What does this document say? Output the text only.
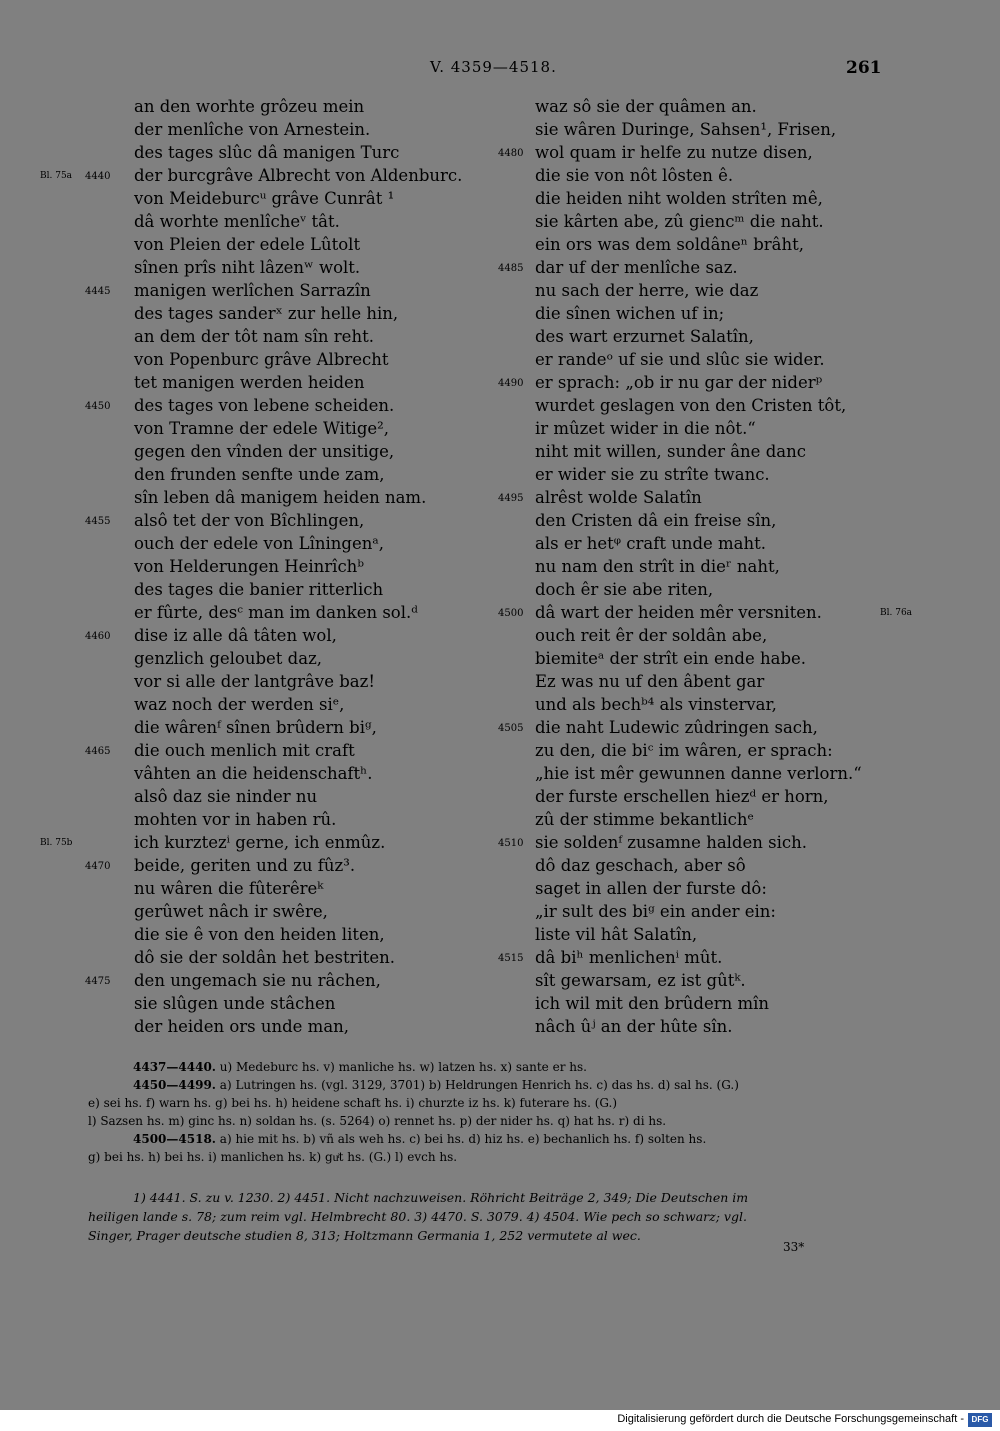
V. 4359—4518.	261
an den worhte grôzeu mein
der menlîche von Arnestein.
des tages slûc dâ manigen Turc
4440
Bl. 75a	der burcgrâve Albrecht von Aldenburc.
von Meideburcᵘ grâve Cunrât ¹
dâ worhte menlîcheᵛ tât.
von Pleien der edele Lûtolt
sînen prîs niht lâzenʷ wolt.
4445 manigen werlîchen Sarrazîn
des tages sanderˣ zur helle hin,
an dem der tôt nam sîn reht.
von Popenburc grâve Albrecht
tet manigen werden heiden
4450 des tages von lebene scheiden.
von Tramne der edele Witige²,
gegen den vînden der unsitige,
den frunden senfte unde zam,
sîn leben dâ manigem heiden nam.
4455 alsô tet der von Bîchlingen,
ouch der edele von Lîningenᵃ,
von Helderungen Heinrîchᵇ
des tages die banier ritterlich
er fûrte, desᶜ man im danken sol.ᵈ
4460 dise iz alle dâ tâten wol,
genzlich geloubet daz,
vor si alle der lantgrâve baz!
waz noch der werden siᵉ,
die wârenᶠ sînen brûdern biᵍ,
4465 die ouch menlich mit craft
vâhten an die heidenschaftʰ.
alsô daz sie ninder nu
mohten vor in haben rû.
Bl. 75b	ich kurztezⁱ gerne, ich enmûz.
4470 beide, geriten und zu fûz³.
nu wâren die fûterêreᵏ
gerûwet nâch ir swêre,
die sie ê von den heiden liten,
dô sie der soldân het bestriten.
4475 den ungemach sie nu râchen,
sie slûgen unde stâchen
der heiden ors unde man,
waz sô sie der quâmen an.
sie wâren Duringe, Sahsen¹, Frisen,
4480 wol quam ir helfe zu nutze disen,
die sie von nôt lôsten ê.
die heiden niht wolden strîten mê,
sie kârten abe, zû giencᵐ die naht.
ein ors was dem soldâneⁿ brâht,
4485 dar uf der menlîche saz.
nu sach der herre, wie daz
die sînen wichen uf in;
des wart erzurnet Salatîn,
er randeᵒ uf sie und slûc sie wider.
4490 er sprach: „ob ir nu gar der niderᵖ
wurdet geslagen von den Cristen tôt,
ir mûzet wider in die nôt.“
niht mit willen, sunder âne danc
er wider sie zu strîte twanc.
4495 alrêst wolde Salatîn
den Cristen dâ ein freise sîn,
als er hetᵠ craft unde maht.
nu nam den strît in dieʳ naht,
doch êr sie abe riten,
4500	Bl. 76a
dâ wart der heiden mêr versniten.
ouch reit êr der soldân abe,
biemiteᵃ der strît ein ende habe.
Ez was nu uf den âbent gar
und als bechᵇ⁴ als vinstervar,
4505 die naht Ludewic zûdringen sach,
zu den, die biᶜ im wâren, er sprach:
„hie ist mêr gewunnen danne verlorn.“
der furste erschellen hiezᵈ er horn,
zû der stimme bekantlichᵉ
4510 sie soldenᶠ zusamne halden sich.
dô daz geschach, aber sô
saget in allen der furste dô:
„ir sult des biᵍ ein ander ein:
liste vil hât Salatîn,
4515 dâ biʰ menlichenⁱ mût.
sît gewarsam, ez ist gûtᵏ.
ich wil mit den brûdern mîn
nâch ûʲ an der hûte sîn.
4437—4440. u) Medeburc hs. v) manliche hs. w) latzen hs. x) sante er hs.
4450—4499. a) Lutringen hs. (vgl. 3129, 3701) b) Heldrungen Henrich hs. c) das hs. d) sal hs. (G.)
e) sei hs. f) warn hs. g) bei hs. h) heidene schaft hs. i) churzte iz hs. k) futerare hs. (G.)
l) Sazsen hs. m) ginc hs. n) soldan hs. (s. 5264) o) rennet hs. p) der nider hs. q) hat hs. r) di hs.
4500—4518. a) hie mit hs. b) vñ als weh hs. c) bei hs. d) hiz hs. e) bechanlich hs. f) solten hs.
g) bei hs. h) bei hs. i) manlichen hs. k) guͥt hs. (G.) l) evch hs.
1) 4441. S. zu v. 1230. 2) 4451. Nicht nachzuweisen. Röhricht Beiträge 2, 349; Die Deutschen im
heiligen lande s. 78; zum reim vgl. Helmbrecht 80. 3) 4470. S. 3079. 4) 4504. Wie pech so schwarz; vgl.
Singer, Prager deutsche studien 8, 313; Holtzmann Germania 1, 252 vermutete al wec.
33*
Digitalisierung gefördert durch die Deutsche Forschungsgemeinschaft - DFG
